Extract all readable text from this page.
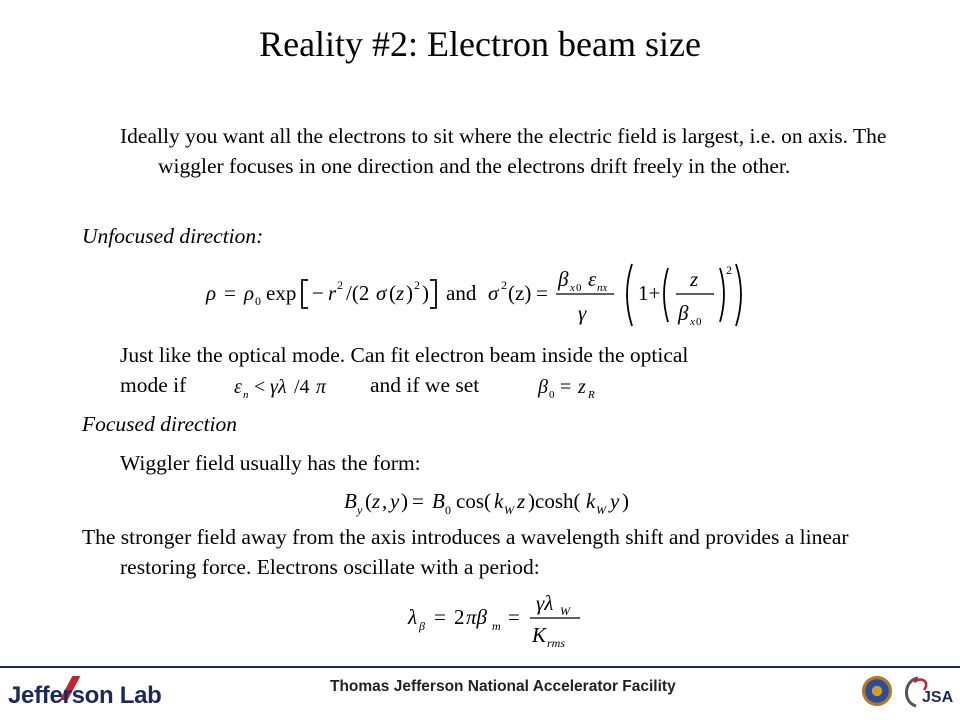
Reality #2: Electron beam size

Ideally you want all the electrons to sit where the electric field is largest, i.e. on axis. The wiggler focuses in one direction and the electrons drift freely in the other.

Unfocused direction:

ρ = ρ 0 exp − r 2 /(2 σ ( z ) 2 ) and σ 2 (z) =
β x 0 ε nx
γ
1+
z
β x 0
2

Just like the optical mode. Can fit electron beam inside the optical

mode if ε n < γλ /4 π and if we set	β 0 = z R

Focused direction

Wiggler field usually has the form:

B y ( z , y ) = B 0 cos( k W z )cosh( k W y )

The stronger field away from the axis introduces a wavelength shift and provides a linear restoring force. Electrons oscillate with a period:

λ β = 2 πβ m =
γλ W
K rms
Jefferson Lab	Thomas Jefferson National Accelerator Facility
JSA
